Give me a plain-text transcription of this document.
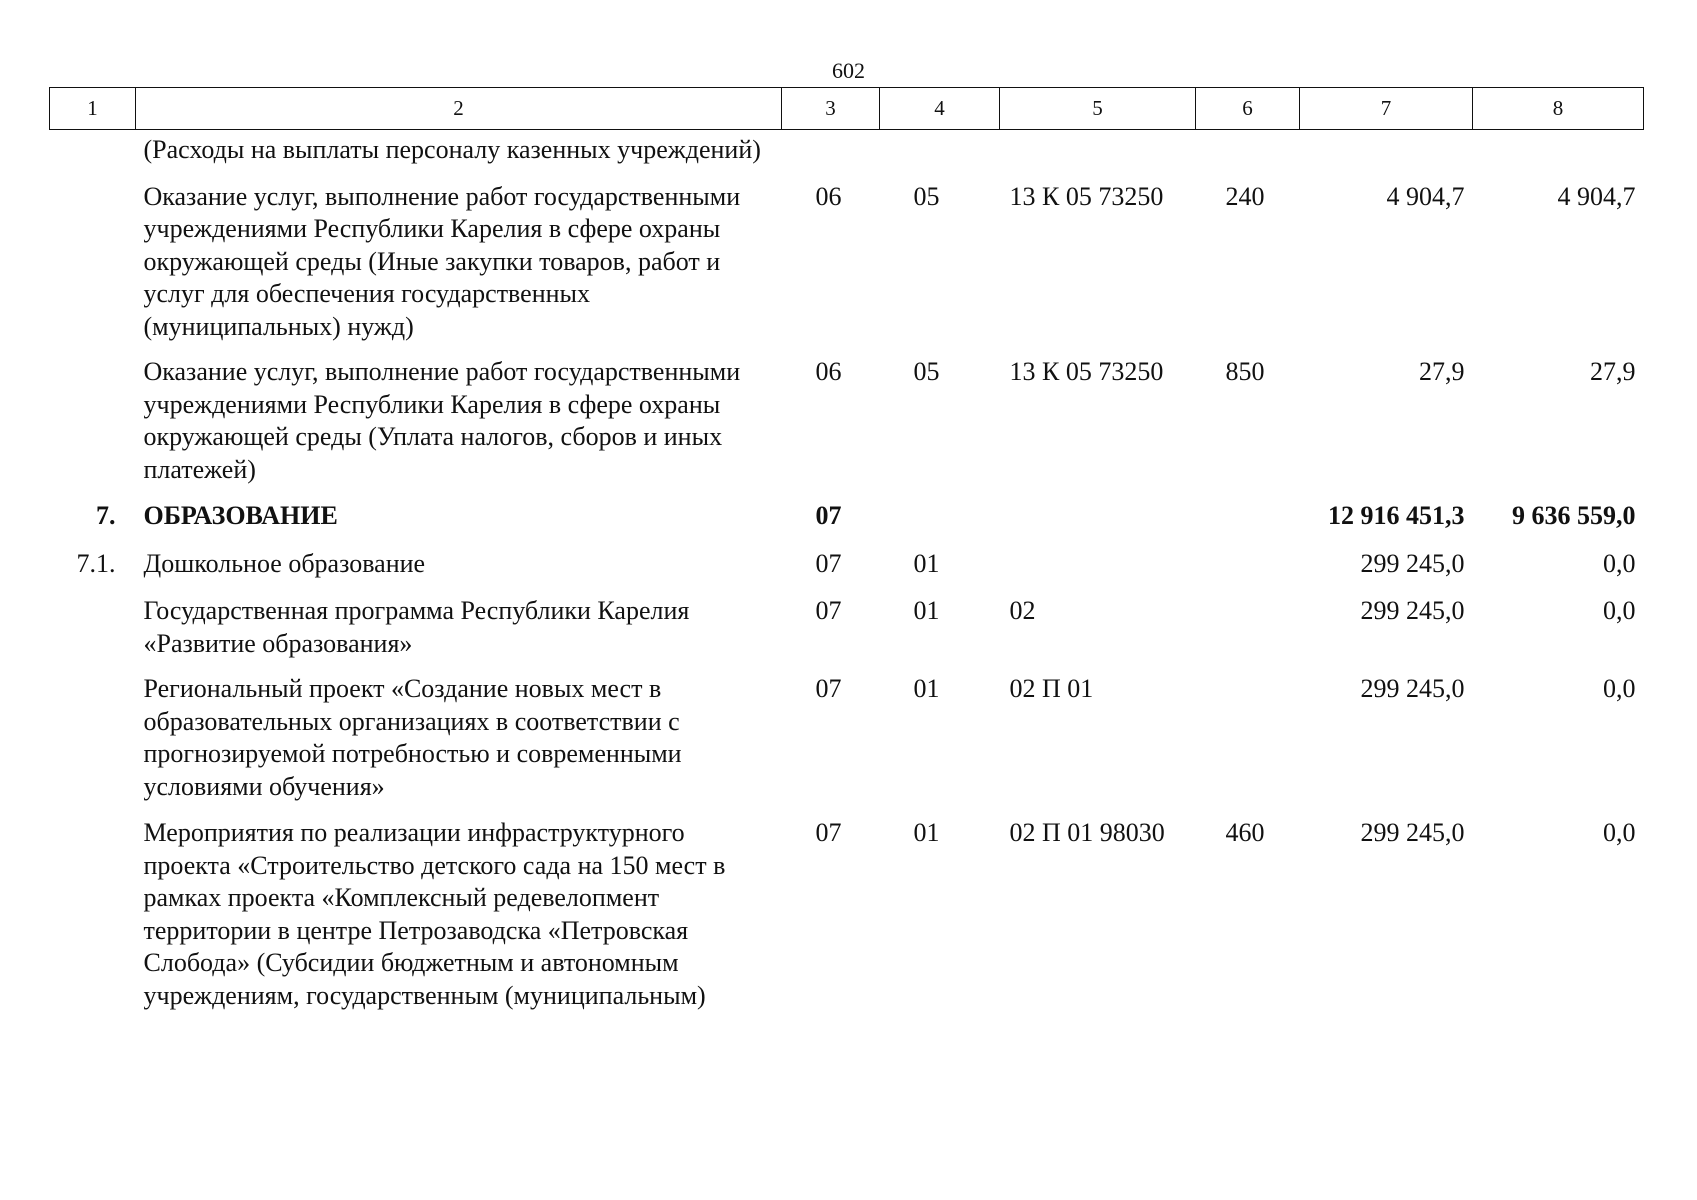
602
1	2	3	4	5	6	7	8
	(Расходы на выплаты персоналу казенных учреждений)						
	Оказание услуг, выполнение работ государственными учреждениями Республики Карелия в сфере охраны окружающей среды (Иные закупки товаров, работ и услуг для обеспечения государственных (муниципальных) нужд)	06	05	13 К 05 73250	240	4 904,7	4 904,7
	Оказание услуг, выполнение работ государственными учреждениями Республики Карелия в сфере охраны окружающей среды (Уплата налогов, сборов и иных платежей)	06	05	13 К 05 73250	850	27,9	27,9
7.	ОБРАЗОВАНИЕ	07				12 916 451,3	9 636 559,0
7.1.	Дошкольное образование	07	01			299 245,0	0,0
	Государственная программа Республики Карелия «Развитие образования»	07	01	02		299 245,0	0,0
	Региональный проект «Создание новых мест в образовательных организациях в соответствии с прогнозируемой потребностью и современными условиями обучения»	07	01	02 П 01		299 245,0	0,0
	Мероприятия по реализации инфраструктурного проекта «Строительство детского сада на 150 мест в рамках проекта «Комплексный редевелопмент территории в центре Петрозаводска «Петровская Слобода» (Субсидии бюджетным и автономным учреждениям, государственным (муниципальным)	07	01	02 П 01 98030	460	299 245,0	0,0
